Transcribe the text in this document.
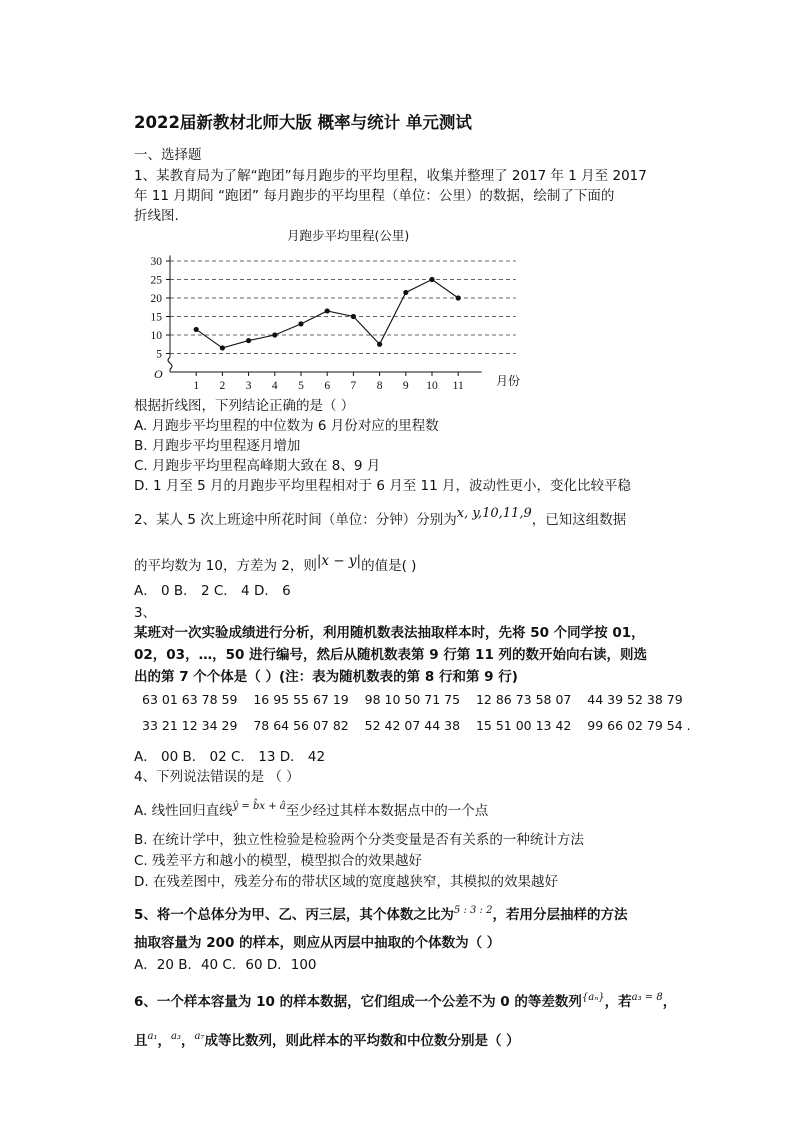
2022届新教材北师大版 概率与统计 单元测试
一、选择题
1、某教育局为了解“跑团”每月跑步的平均里程，收集并整理了 2017 年 1 月至 2017
年 11 月期间 “跑团” 每月跑步的平均里程（单位：公里）的数据，绘制了下面的
折线图.
5
10
15
20
25
30
1 2 3 4 5 6 7 8 9 10 11
O	月份
月跑步平均里程(公里)
根据折线图，下列结论正确的是（ ）
A. 月跑步平均里程的中位数为 6 月份对应的里程数
B. 月跑步平均里程逐月增加
C. 月跑步平均里程高峰期大致在 8、9 月
D. 1 月至 5 月的月跑步平均里程相对于 6 月至 11 月，波动性更小，变化比较平稳
2、某人 5 次上班途中所花时间（单位：分钟）分别为x, y,10,11,9，已知这组数据
的平均数为 10，方差为 2，则|x − y|的值是( )
A． 0 B． 2 C． 4 D． 6
3、
某班对一次实验成绩进行分析，利用随机数表法抽取样本时，先将 50 个同学按 01，
02，03，…，50 进行编号，然后从随机数表第 9 行第 11 列的数开始向右读，则选
出的第 7 个个体是（ ）(注：表为随机数表的第 8 行和第 9 行)
63 01 63 78 59    16 95 55 67 19    98 10 50 71 75    12 86 73 58 07    44 39 52 38 79
33 21 12 34 29    78 64 56 07 82    52 42 07 44 38    15 51 00 13 42    99 66 02 79 54 .
A． 00 B． 02 C． 13 D． 42
4、下列说法错误的是 （ ）
A. 线性回归直线$^{ŷ = b̂x + â}$至少经过其样本数据点中的一个点
B. 在统计学中，独立性检验是检验两个分类变量是否有关系的一种统计方法
C. 残差平方和越小的模型，模型拟合的效果越好
D. 在残差图中，残差分布的带状区域的宽度越狭窄，其模拟的效果越好
5、将一个总体分为甲、乙、丙三层，其个体数之比为$^{5 : 3 : 2}$，若用分层抽样的方法
抽取容量为 200 的样本，则应从丙层中抽取的个体数为（ ）
A．20 B．40 C．60 D．100
6、一个样本容量为 10 的样本数据，它们组成一个公差不为 0 的等差数列$^{\{a_n\}}$，若$^{a_3 = 8}$，
且$^{a_1}$，$^{a_3}$，$^{a_7}$成等比数列，则此样本的平均数和中位数分别是（ ）
